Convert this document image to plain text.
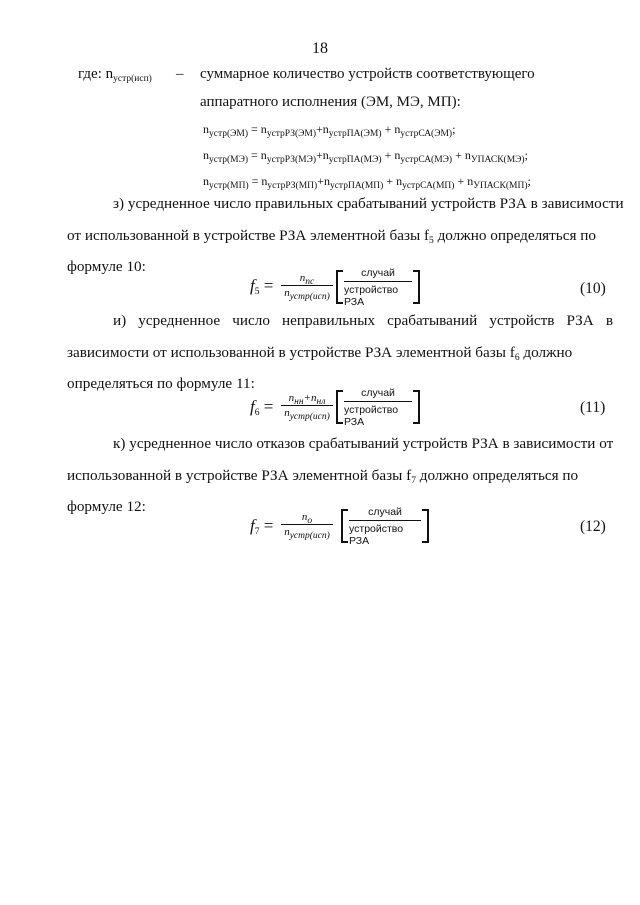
18
где: $n_{устр(исп)}$ – суммарное количество устройств соответствующего
аппаратного исполнения (ЭМ, МЭ, МП):
$n_{устр(ЭМ)} = n_{устрРЗ(ЭМ)}+n_{устрПА(ЭМ)} + n_{устрСА(ЭМ)}$;
$n_{устр(МЭ)} = n_{устрРЗ(МЭ)}+n_{устрПА(МЭ)} + n_{устрСА(МЭ)} + n_{УПАСК(МЭ)}$;
$n_{устр(МП)} = n_{устрРЗ(МП)}+n_{устрПА(МП)} + n_{устрСА(МП)} + n_{УПАСК(МП)}$;
з) усредненное число правильных срабатываний устройств РЗА в зависимости
от использованной в устройстве РЗА элементной базы $f_5$ должно определяться по
формуле 10:
$f_5 = n_{пс}$
$n_{устр(исп)}$
случай
устройство РЗА
(10)
и) усредненное число неправильных срабатываний устройств РЗА в
зависимости от использованной в устройстве РЗА элементной базы $f_6$ должно
определяться по формуле 11:
$f_6 = n_{нн}+n_{нл}$
$n_{устр(исп)}$
случай
устройство РЗА
(11)
к) усредненное число отказов срабатываний устройств РЗА в зависимости от
использованной в устройстве РЗА элементной базы $f_7$ должно определяться по
формуле 12:
$f_7$ =	$n_о$
$n_{устр(исп)}$
случай
устройство РЗА
(12)
